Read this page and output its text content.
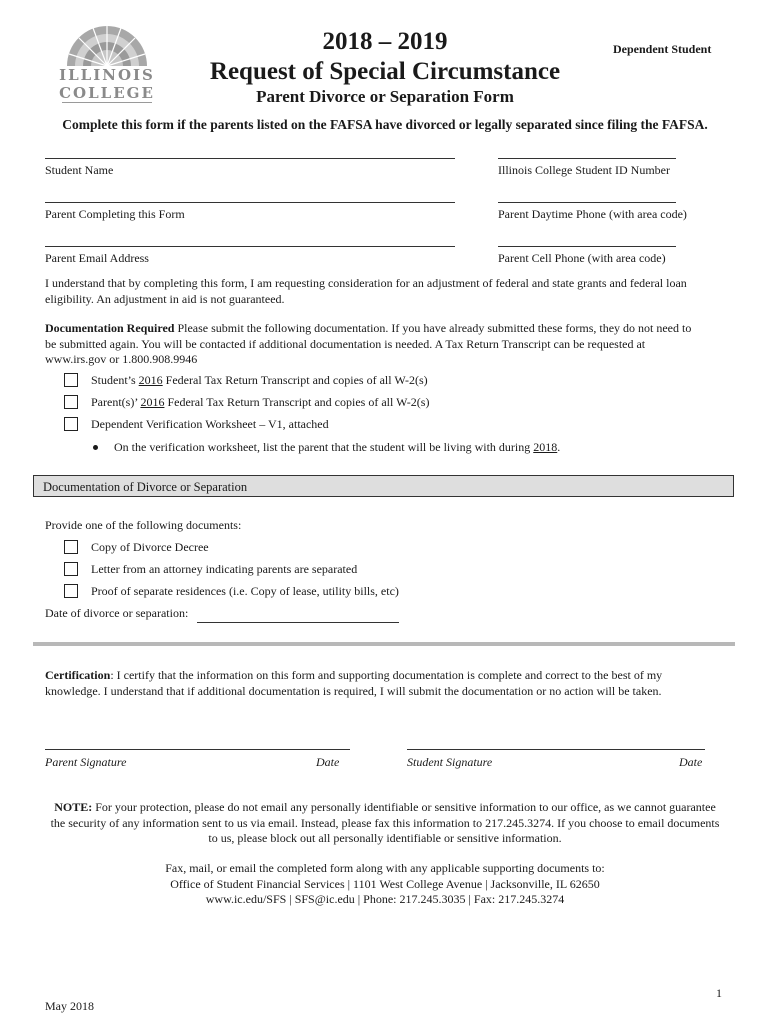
ILLINOIS
COLLEGE
2018 – 2019
Request of Special Circumstance
Parent Divorce or Separation Form
Dependent Student
Complete this form if the parents listed on the FAFSA have divorced or legally separated since filing the FAFSA.
Student Name	Illinois College Student ID Number
Parent Completing this Form	Parent Daytime Phone (with area code)
Parent Email Address	Parent Cell Phone (with area code)
I understand that by completing this form, I am requesting consideration for an adjustment of federal and state grants and federal loan eligibility. An adjustment in aid is not guaranteed.
Documentation Required Please submit the following documentation. If you have already submitted these forms, they do not need to
be submitted again. You will be contacted if additional documentation is needed. A Tax Return Transcript can be requested at
www.irs.gov or 1.800.908.9946
Student’s 2016 Federal Tax Return Transcript and copies of all W-2(s)
Parent(s)’ 2016 Federal Tax Return Transcript and copies of all W-2(s)
Dependent Verification Worksheet – V1, attached
On the verification worksheet, list the parent that the student will be living with during 2018.
Documentation of Divorce or Separation
Provide one of the following documents:
Copy of Divorce Decree
Letter from an attorney indicating parents are separated
Proof of separate residences (i.e. Copy of lease, utility bills, etc)
Date of divorce or separation:
Certification: I certify that the information on this form and supporting documentation is complete and correct to the best of my
knowledge. I understand that if additional documentation is required, I will submit the documentation or no action will be taken.
Parent Signature	Date	Student Signature	Date
NOTE: For your protection, please do not email any personally identifiable or sensitive information to our office, as we cannot guarantee
the security of any information sent to us via email. Instead, please fax this information to 217.245.3274. If you choose to email documents
to us, please block out all personally identifiable or sensitive information.
Fax, mail, or email the completed form along with any applicable supporting documents to:
Office of Student Financial Services | 1101 West College Avenue | Jacksonville, IL 62650
www.ic.edu/SFS | SFS@ic.edu | Phone: 217.245.3035 | Fax: 217.245.3274
1
May 2018
